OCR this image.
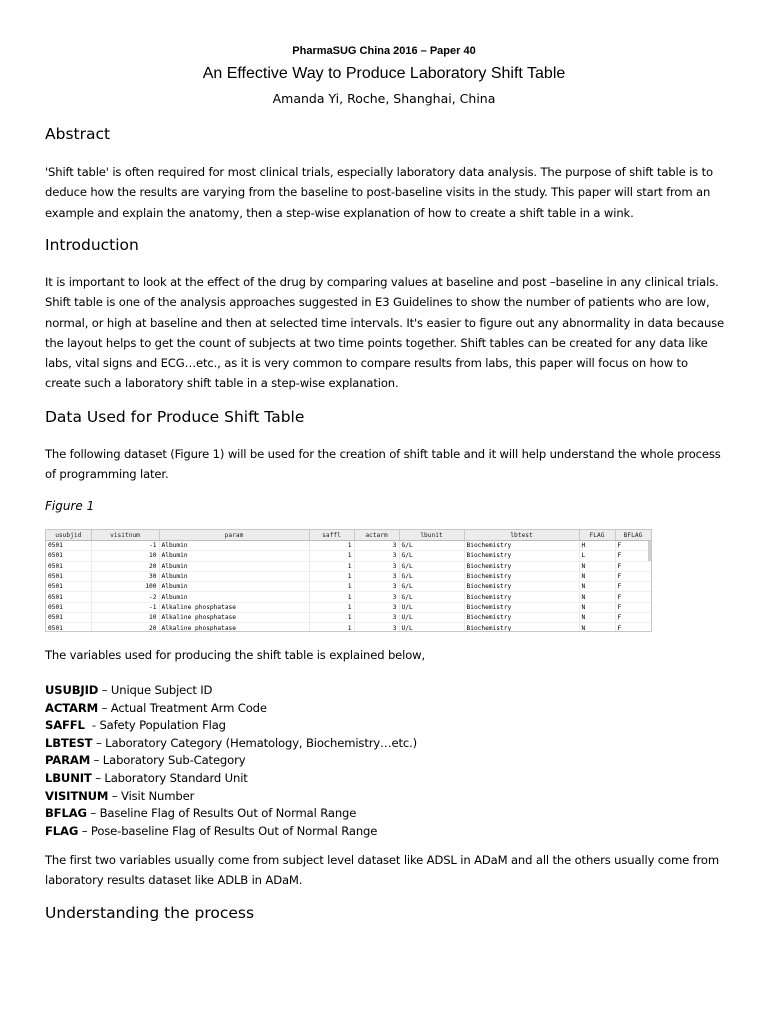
PharmaSUG China 2016 – Paper 40
An Effective Way to Produce Laboratory Shift Table
Amanda Yi, Roche, Shanghai, China
Abstract

'Shift table' is often required for most clinical trials, especially laboratory data analysis. The purpose of shift table is to deduce how the results are varying from the baseline to post-baseline visits in the study. This paper will start from an example and explain the anatomy, then a step-wise explanation of how to create a shift table in a wink.

Introduction

It is important to look at the effect of the drug by comparing values at baseline and post –baseline in any clinical trials. Shift table is one of the analysis approaches suggested in E3 Guidelines to show the number of patients who are low, normal, or high at baseline and then at selected time intervals. It's easier to figure out any abnormality in data because the layout helps to get the count of subjects at two time points together. Shift tables can be created for any data like labs, vital signs and ECG…etc., as it is very common to compare results from labs, this paper will focus on how to create such a laboratory shift table in a step-wise explanation.

Data Used for Produce Shift Table

The following dataset (Figure 1) will be used for the creation of shift table and it will help understand the whole process of programming later.

Figure 1
usubjid	visitnum	param	saffl	actarm	lbunit	lbtest	FLAG	BFLAG
0501	-1	Albumin	1	3	G/L	Biochemistry	H	F
0501	10	Albumin	1	3	G/L	Biochemistry	L	F
0501	20	Albumin	1	3	G/L	Biochemistry	N	F
0501	30	Albumin	1	3	G/L	Biochemistry	N	F
0501	100	Albumin	1	3	G/L	Biochemistry	N	F
0501	-2	Albumin	1	3	G/L	Biochemistry	N	F
0501	-1	Alkaline phosphatase	1	3	U/L	Biochemistry	N	F
0501	10	Alkaline phosphatase	1	3	U/L	Biochemistry	N	F
0501	20	Alkaline phosphatase	1	3	U/L	Biochemistry	N	F

The variables used for producing the shift table is explained below,

USUBJID – Unique Subject ID
ACTARM – Actual Treatment Arm Code
SAFFL  - Safety Population Flag
LBTEST – Laboratory Category (Hematology, Biochemistry…etc.)
PARAM – Laboratory Sub-Category
LBUNIT – Laboratory Standard Unit
VISITNUM – Visit Number
BFLAG – Baseline Flag of Results Out of Normal Range
FLAG – Pose-baseline Flag of Results Out of Normal Range

The first two variables usually come from subject level dataset like ADSL in ADaM and all the others usually come from laboratory results dataset like ADLB in ADaM.

Understanding the process
